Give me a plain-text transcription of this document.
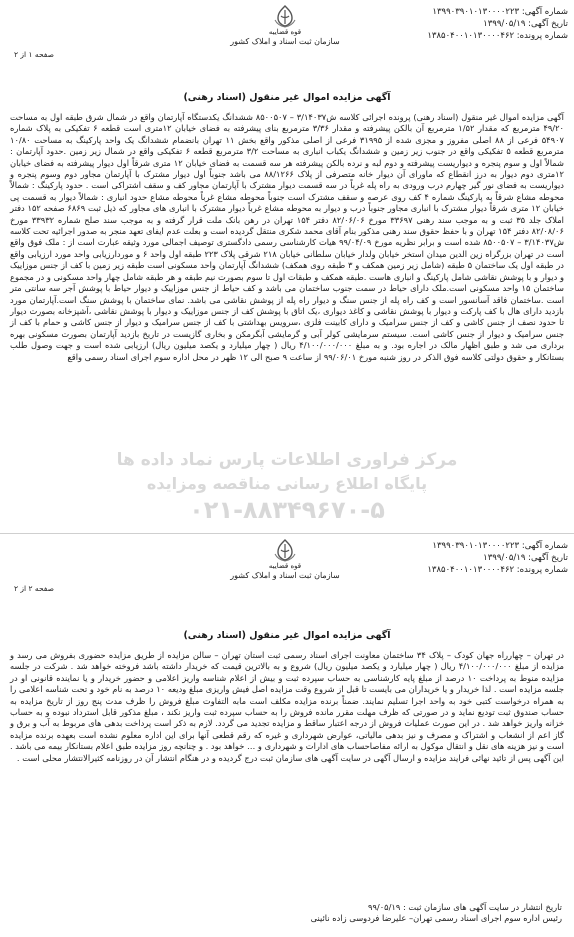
شماره آگهی: ۱۳۹۹۰۳۹۰۱۰۱۳۰۰۰۰۲۲۳
تاریخ آگهی: ۱۳۹۹/۰۵/۱۹
شماره پرونده: ۱۳۸۵۰۴۰۰۱۰۱۳۰۰۰۰۴۶۲
قوه قضاییه
سازمان ثبت اسناد و املاک کشور
صفحه ۱ از ۲
آگهی مزایده اموال غیر منقول (اسناد رهنی)

آگهی مزایده اموال غیر منقول (اسناد رهنی) پرونده اجرائی کلاسه ش۳/۱۴۰۳۷ – ۸۵۰۰۵۰۷ ششدانگ یکدستگاه آپارتمان واقع در شمال شرق طبقه اول به مساحت ۴۹/۲۰ مترمربع که مقدار ۱/۵۲ مترمربع آن بالکن پیشرفته و مقدار ۳/۳۶ مترمربع بنای پیشرفته به فضای خیابان ۱۲متری است قطعه ۶ تفکیکی به پلاک شماره ۵۴۹۰۷ فرعی از ۸۸ اصلی مفروز و مجزی شده از ۳۱۹۹۵ فرعی از اصلی مذکور واقع بخش ۱۱ تهران بانضمام ششدانگ یک واحد پارکینگ به مساحت ۱۰/۸۰ مترمربع قطعه ۵ تفکیکی واقع در جنوب زیر زمین و ششدانگ یکباب انباری به مساحت ۳/۲ مترمربع قطعه ۶ تفکیکی واقع در شمال زیر زمین .حدود آپارتمان : شمالاً اول و سوم پنجره و دیواریست پیشرفته و دوم لبه و نرده بالکن پیشرفته هر سه قسمت به فضای خیابان ۱۲ متری شرقاً اول دیوار پیشرفته به فضای خیابان ۱۲متری دوم دیوار به درز انقطاع که ماورای آن دیوار خانه متصرفی از پلاک ۸۸/۱۲۶۶ می باشد جنوباً اول دیوار مشترک با آپارتمان مجاور دوم وسوم پنجره و دیواریست به فضای نور گیر چهارم درب ورودی به راه پله غرباً در سه قسمت دیوار مشترک با آپارتمان مجاور کف و سقف اشتراکی است . حدود پارکینگ : شمالاً محوطه مشاع شرقاً به پارکینگ شماره ۴ کف روی عرصه و سقف مشترک است جنوباً محوطه مشاع غرباً محوطه مشاع حدود انباری : شمالاً دیوار به قسمت پی خیابان ۱۲ متری شرقاً دیوار مشترک با انباری مجاور جنوباً درب و دیوار به محوطه مشاع غرباً دیوار مشترک با انباری های مجاور که ذیل ثبت ۶۸۶۹ صفحه ۱۵۲ دفتر املاک جلد ۳۵ ثبت و به موجب سند رهنی ۳۳۶۹۷ مورخ ۸۲/۰۶/۰۶ دفتر ۱۵۴ تهران در رهن بانک ملت قرار گرفته و به موجب سند صلح شماره ۳۳۹۳۲ مورخ ۸۲/۰۸/۰۶ دفتر ۱۵۴ تهران و با حفظ حقوق سند رهنی مذکور بنام آقای محمد شکری منتقل گردیده است و بعلت عدم ایفای تعهد منجر به صدور اجرائیه تحت کلاسه ش۳/۱۴۰۳۷ – ۸۵۰۰۵۰۷ شده است و برابر نظریه مورخ ۹۹/۰۴/۰۹ هیات کارشناسی رسمی دادگستری توصیف اجمالی مورد وثیقه عبارت است از : ملک فوق واقع است در تهران بزرگراه زین الدین میدان استخر خیابان ولدار خیابان سلطانی خیابان ۲۱۸ شرقی پلاک ۲۲۳ طبقه اول واحد ۶ و موردارزیابی واحد مورد ارزیابی واقع در طبقه اول یک ساختمان ۵ طبقه (شامل زیر زمین همکف و ۳ طبقه روی همکف) ششدانگ آپارتمان واحد مسکونی است طبقه زیر زمین با کف از جنس موزاییک و دیوار و با پوشش نقاشی شامل پارکینگ و انباری هاست .طبقه همکف و طبقات اول تا سوم بصورت نیم طبقه و هر طبقه شامل چهار واحد مسکونی و در مجموع ساختمان ۱۵ واحد مسکونی است.ملک دارای حیاط در سمت جنوب ساختمان می باشد و کف حیاط از جنس موزاییک و دیوار حیاط با پوشش آجر سه سانتی متر است .ساختمان فاقد آسانسور است و کف راه پله از جنس سنگ و دیوار راه پله از پوشش نقاشی می باشد. نمای ساختمان با پوشش سنگ است.آپارتمان مورد بازدید دارای هال با کف پارکت و دیوار با پوشش نقاشی و کاغذ دیواری ،یک اتاق با پوشش کف از جنس موزاییک و دیوار با پوشش نقاشی ،آشپزخانه بصورت دیوار تا حدود نصف از جنس کاشی و کف از جنس سرامیک و دارای کابینت فلزی ،سرویس بهداشتی با کف از جنس سرامیک و دیوار از جنس کاشی و حمام با کف از جنس سرامیک و دیوار از جنس کاشی است. سیستم سرمایشی کولر آبی و گرمایشی آبگرمکن و بخاری گازیست در تاریخ بازدید آپارتمان بصورت مسکونی بهره برداری می شد و طبق اظهار مالک در اجاره بود. و به مبلغ ۴/۱۰۰/۰۰۰/۰۰۰ ریال ( چهار میلیارد و یکصد میلیون ریال) ارزیابی شده است و جهت وصول طلب بستانکار و حقوق دولتی کلاسه فوق الذکر در روز شنبه مورخ ۹۹/۰۶/۰۱ از ساعت ۹ صبح الی ۱۲ ظهر در محل اداره سوم اجرای اسناد رسمی واقع

مرکز فراوری اطلاعات پارس نماد داده ها
پایگاه اطلاع رسانی مناقصه ومزایده
۰۲۱-۸۸۳۴۹۶۷۰-۵
شماره آگهی: ۱۳۹۹۰۳۹۰۱۰۱۳۰۰۰۰۲۲۳
تاریخ آگهی: ۱۳۹۹/۰۵/۱۹
شماره پرونده: ۱۳۸۵۰۴۰۰۱۰۱۳۰۰۰۰۴۶۲
قوه قضاییه
سازمان ثبت اسناد و املاک کشور
صفحه ۲ از ۲
آگهی مزایده اموال غیر منقول (اسناد رهنی)

در تهران – چهارراه جهان کودک – پلاک ۳۴ ساختمان معاونت اجرای اسناد رسمی ثبت استان تهران – سالن مزایده از طریق مزایده حضوری بفروش می رسد و مزایده از مبلغ ۴/۱۰۰/۰۰۰/۰۰۰ ریال ( چهار میلیارد و یکصد میلیون ریال) شروع و به بالاترین قیمت که خریدار داشته باشد فروخته خواهد شد . شرکت در جلسه مزایده منوط به پرداخت ۱۰ درصد از مبلغ پایه کارشناسی به حساب سپرده ثبت و بیش از اعلام شناسه واریز اعلامی و حضور خریدار و یا نماینده قانونی او در جلسه مزایده است . لذا خریدار و یا خریداران می بایست تا قبل از شروع وقت مزایده اصل فیش واریزی مبلغ ودیعه ۱۰ درصد به نام خود و تحت شناسه اعلامی را به همراه درخواست کتبی خود به واحد اجرا تسلیم نمایند. ضمناً برنده مزایده مکلف است مابه التفاوت مبلغ فروش را ظرف مدت پنج روز از تاریخ مزایده به حساب صندوق ثبت تودیع نماید و در صورتی که ظرف مهلت مقرر مانده فروش را به حساب سپرده ثبت واریز نکند ، مبلغ مذکور قابل استرداد نبوده و به حساب خزانه واریز خواهد شد . در این صورت عملیات فروش از درجه اعتبار ساقط و مزایده تجدید می گردد. لازم به ذکر است پرداخت بدهی های مربوط به آب و برق و گاز اعم از انشعاب و اشتراک و مصرف و نیز بدهی مالیاتی، عوارض شهرداری و غیره که رقم قطعی آنها برای این اداره معلوم نشده است بعهده برنده مزایده است و نیز هزینه های نقل و انتقال موکول به ارائه مفاصاحساب های ادارات و شهرداری و … خواهد بود . و چنانچه روز مزایده طبق اعلام بستانکار بیمه می باشد . این آگهی پس از تائید نهائی فرایند مزایده و ارسال آگهی در سایت آگهی های سازمان ثبت درج گردیده و در هنگام انتشار آن در روزنامه کثیرالانتشار محلی است .

تاریخ انتشار در سایت آگهی های سازمان ثبت : ۹۹/۰۵/۱۹
رئیس اداره سوم اجرای اسناد رسمی تهران– علیرضا فردوسی زاده نائینی
